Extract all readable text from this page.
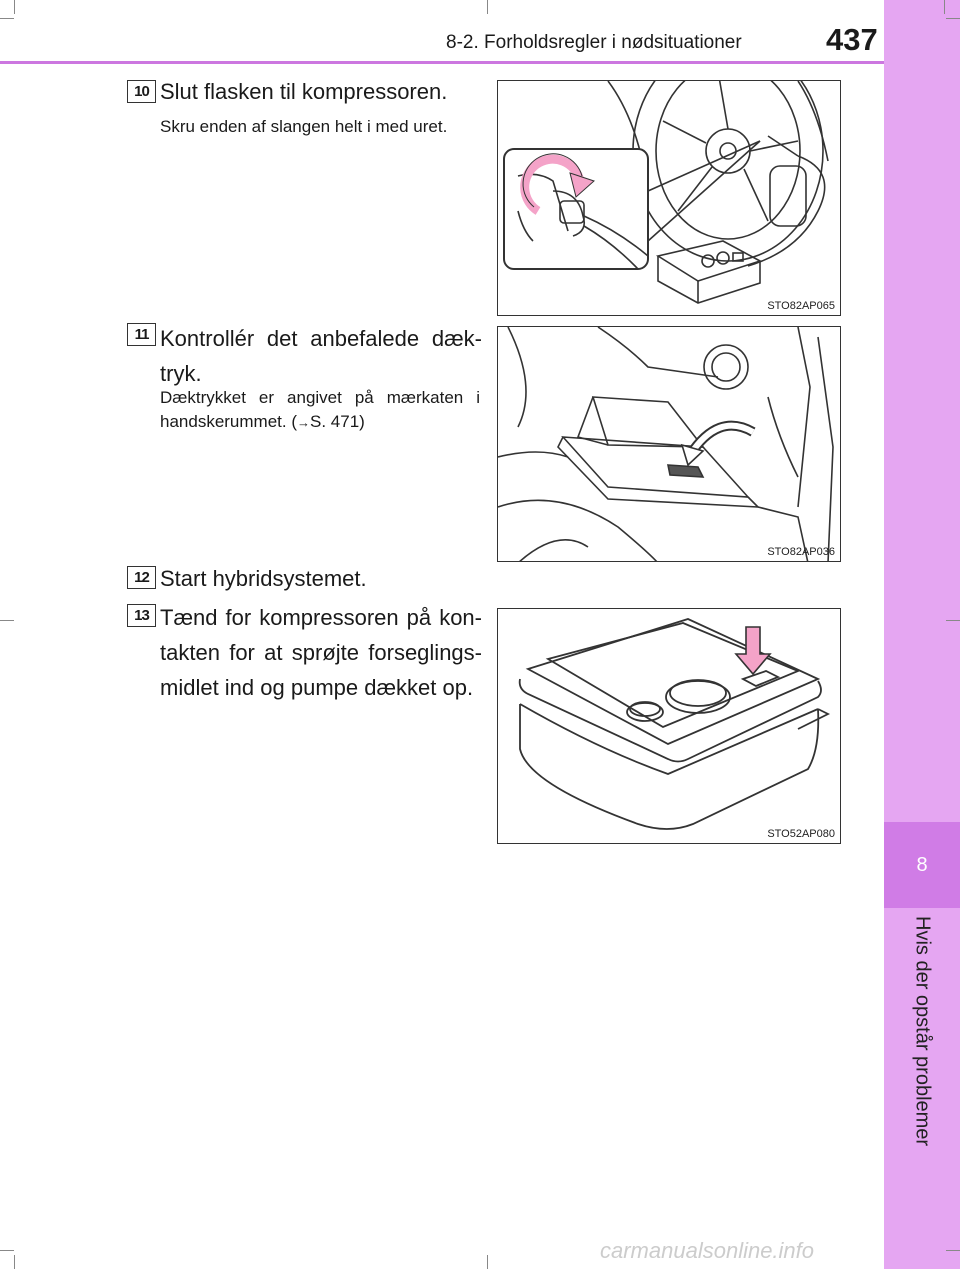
8
Hvis der opstår problemer
8-2. Forholdsregler i nødsituationer	437
10 Slut flasken til kompressoren.
Skru enden af slangen helt i med uret.
STO82AP065
11 Kontrollér det anbefalede dæk-tryk.
Dæktrykket er angivet på mærkaten i handskerummet. (→S. 471)
STO82AP036
12 Start hybridsystemet.
13 Tænd for kompressoren på kon-takten for at sprøjte forseglings-midlet ind og pumpe dækket op.
STO52AP080
carmanualsonline.info
